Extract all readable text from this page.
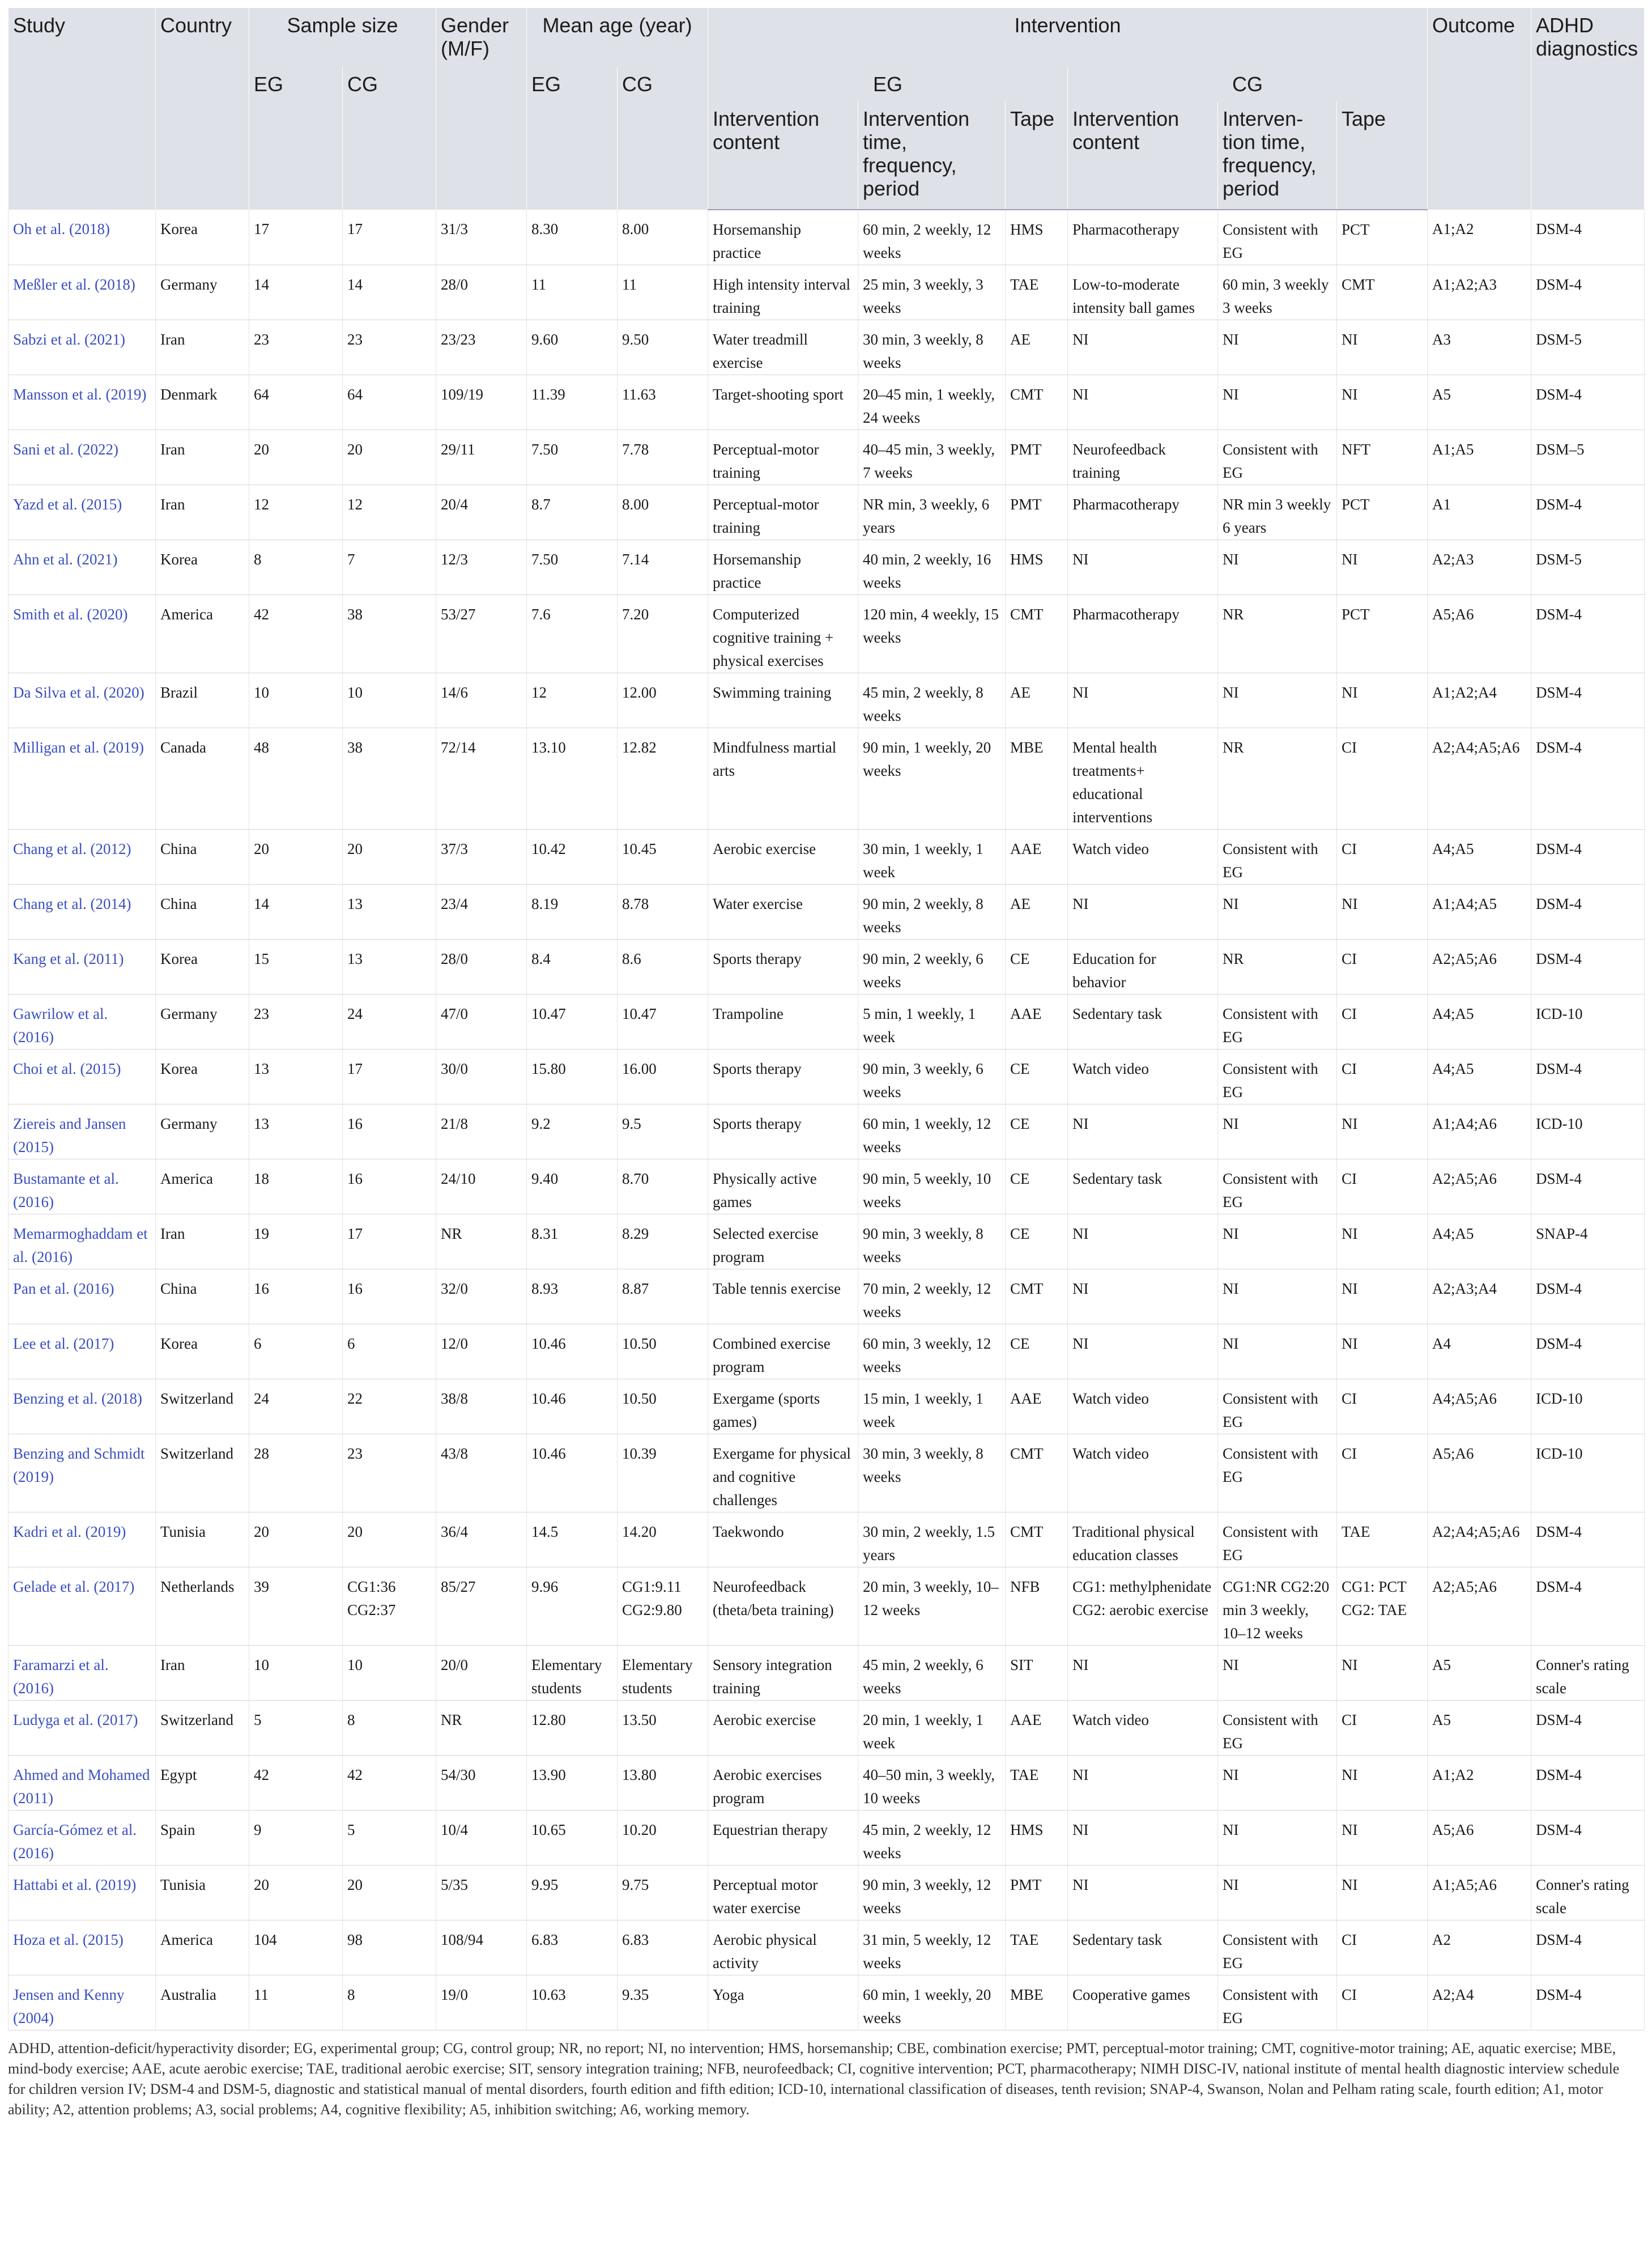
Study	Country	Sample size		Gender (M/F)	Mean age (year)		Intervention						Outcome	ADHD diagnostics
		EG	CG		EG	CG	EG			CG				
							Intervention content	Intervention time, frequency, period	Tape	Intervention content	Interven-tion time, frequency, period	Tape		
Oh et al. (2018)	Korea	17	17	31/3	8.30	8.00	Horsemanship practice	60 min, 2 weekly, 12 weeks	HMS	Pharmacotherapy	Consistent with EG	PCT	A1;A2	DSM-4
Meßler et al. (2018)	Germany	14	14	28/0	11	11	High intensity interval training	25 min, 3 weekly, 3 weeks	TAE	Low-to-moderate intensity ball games	60 min, 3 weekly 3 weeks	CMT	A1;A2;A3	DSM-4
Sabzi et al. (2021)	Iran	23	23	23/23	9.60	9.50	Water treadmill exercise	30 min, 3 weekly, 8 weeks	AE	NI	NI	NI	A3	DSM-5
Mansson et al. (2019)	Denmark	64	64	109/19	11.39	11.63	Target-shooting sport	20–45 min, 1 weekly, 24 weeks	CMT	NI	NI	NI	A5	DSM-4
Sani et al. (2022)	Iran	20	20	29/11	7.50	7.78	Perceptual-motor training	40–45 min, 3 weekly, 7 weeks	PMT	Neurofeedback training	Consistent with EG	NFT	A1;A5	DSM–5
Yazd et al. (2015)	Iran	12	12	20/4	8.7	8.00	Perceptual-motor training	NR min, 3 weekly, 6 years	PMT	Pharmacotherapy	NR min 3 weekly 6 years	PCT	A1	DSM-4
Ahn et al. (2021)	Korea	8	7	12/3	7.50	7.14	Horsemanship practice	40 min, 2 weekly, 16 weeks	HMS	NI	NI	NI	A2;A3	DSM-5
Smith et al. (2020)	America	42	38	53/27	7.6	7.20	Computerized cognitive training + physical exercises	120 min, 4 weekly, 15 weeks	CMT	Pharmacotherapy	NR	PCT	A5;A6	DSM-4
Da Silva et al. (2020)	Brazil	10	10	14/6	12	12.00	Swimming training	45 min, 2 weekly, 8 weeks	AE	NI	NI	NI	A1;A2;A4	DSM-4
Milligan et al. (2019)	Canada	48	38	72/14	13.10	12.82	Mindfulness martial arts	90 min, 1 weekly, 20 weeks	MBE	Mental health treatments+ educational interventions	NR	CI	A2;A4;A5;A6	DSM-4
Chang et al. (2012)	China	20	20	37/3	10.42	10.45	Aerobic exercise	30 min, 1 weekly, 1 week	AAE	Watch video	Consistent with EG	CI	A4;A5	DSM-4
Chang et al. (2014)	China	14	13	23/4	8.19	8.78	Water exercise	90 min, 2 weekly, 8 weeks	AE	NI	NI	NI	A1;A4;A5	DSM-4
Kang et al. (2011)	Korea	15	13	28/0	8.4	8.6	Sports therapy	90 min, 2 weekly, 6 weeks	CE	Education for behavior	NR	CI	A2;A5;A6	DSM-4
Gawrilow et al. (2016)	Germany	23	24	47/0	10.47	10.47	Trampoline	5 min, 1 weekly, 1 week	AAE	Sedentary task	Consistent with EG	CI	A4;A5	ICD-10
Choi et al. (2015)	Korea	13	17	30/0	15.80	16.00	Sports therapy	90 min, 3 weekly, 6 weeks	CE	Watch video	Consistent with EG	CI	A4;A5	DSM-4
Ziereis and Jansen (2015)	Germany	13	16	21/8	9.2	9.5	Sports therapy	60 min, 1 weekly, 12 weeks	CE	NI	NI	NI	A1;A4;A6	ICD-10
Bustamante et al. (2016)	America	18	16	24/10	9.40	8.70	Physically active games	90 min, 5 weekly, 10 weeks	CE	Sedentary task	Consistent with EG	CI	A2;A5;A6	DSM-4
Memarmoghaddam et al. (2016)	Iran	19	17	NR	8.31	8.29	Selected exercise program	90 min, 3 weekly, 8 weeks	CE	NI	NI	NI	A4;A5	SNAP-4
Pan et al. (2016)	China	16	16	32/0	8.93	8.87	Table tennis exercise	70 min, 2 weekly, 12 weeks	CMT	NI	NI	NI	A2;A3;A4	DSM-4
Lee et al. (2017)	Korea	6	6	12/0	10.46	10.50	Combined exercise program	60 min, 3 weekly, 12 weeks	CE	NI	NI	NI	A4	DSM-4
Benzing et al. (2018)	Switzerland	24	22	38/8	10.46	10.50	Exergame (sports games)	15 min, 1 weekly, 1 week	AAE	Watch video	Consistent with EG	CI	A4;A5;A6	ICD-10
Benzing and Schmidt (2019)	Switzerland	28	23	43/8	10.46	10.39	Exergame for physical and cognitive challenges	30 min, 3 weekly, 8 weeks	CMT	Watch video	Consistent with EG	CI	A5;A6	ICD-10
Kadri et al. (2019)	Tunisia	20	20	36/4	14.5	14.20	Taekwondo	30 min, 2 weekly, 1.5 years	CMT	Traditional physical education classes	Consistent with EG	TAE	A2;A4;A5;A6	DSM-4
Gelade et al. (2017)	Netherlands	39	CG1:36 CG2:37	85/27	9.96	CG1:9.11 CG2:9.80	Neurofeedback (theta/beta training)	20 min, 3 weekly, 10–12 weeks	NFB	CG1: methylphenidate CG2: aerobic exercise	CG1:NR CG2:20 min 3 weekly, 10–12 weeks	CG1: PCT CG2: TAE	A2;A5;A6	DSM-4
Faramarzi et al. (2016)	Iran	10	10	20/0	Elementary students	Elementary students	Sensory integration training	45 min, 2 weekly, 6 weeks	SIT	NI	NI	NI	A5	Conner's rating scale
Ludyga et al. (2017)	Switzerland	5	8	NR	12.80	13.50	Aerobic exercise	20 min, 1 weekly, 1 week	AAE	Watch video	Consistent with EG	CI	A5	DSM-4
Ahmed and Mohamed (2011)	Egypt	42	42	54/30	13.90	13.80	Aerobic exercises program	40–50 min, 3 weekly, 10 weeks	TAE	NI	NI	NI	A1;A2	DSM-4
García-Gómez et al. (2016)	Spain	9	5	10/4	10.65	10.20	Equestrian therapy	45 min, 2 weekly, 12 weeks	HMS	NI	NI	NI	A5;A6	DSM-4
Hattabi et al. (2019)	Tunisia	20	20	5/35	9.95	9.75	Perceptual motor water exercise	90 min, 3 weekly, 12 weeks	PMT	NI	NI	NI	A1;A5;A6	Conner's rating scale
Hoza et al. (2015)	America	104	98	108/94	6.83	6.83	Aerobic physical activity	31 min, 5 weekly, 12 weeks	TAE	Sedentary task	Consistent with EG	CI	A2	DSM-4
Jensen and Kenny (2004)	Australia	11	8	19/0	10.63	9.35	Yoga	60 min, 1 weekly, 20 weeks	MBE	Cooperative games	Consistent with EG	CI	A2;A4	DSM-4
ADHD, attention-deficit/hyperactivity disorder; EG, experimental group; CG, control group; NR, no report; NI, no intervention; HMS, horsemanship; CBE, combination exercise; PMT, perceptual-motor training; CMT, cognitive-motor training; AE, aquatic exercise; MBE, mind-body exercise; AAE, acute aerobic exercise; TAE, traditional aerobic exercise; SIT, sensory integration training; NFB, neurofeedback; CI, cognitive intervention; PCT, pharmacotherapy; NIMH DISC-IV, national institute of mental health diagnostic interview schedule for children version IV; DSM-4 and DSM-5, diagnostic and statistical manual of mental disorders, fourth edition and fifth edition; ICD-10, international classification of diseases, tenth revision; SNAP-4, Swanson, Nolan and Pelham rating scale, fourth edition; A1, motor ability; A2, attention problems; A3, social problems; A4, cognitive flexibility; A5, inhibition switching; A6, working memory.
